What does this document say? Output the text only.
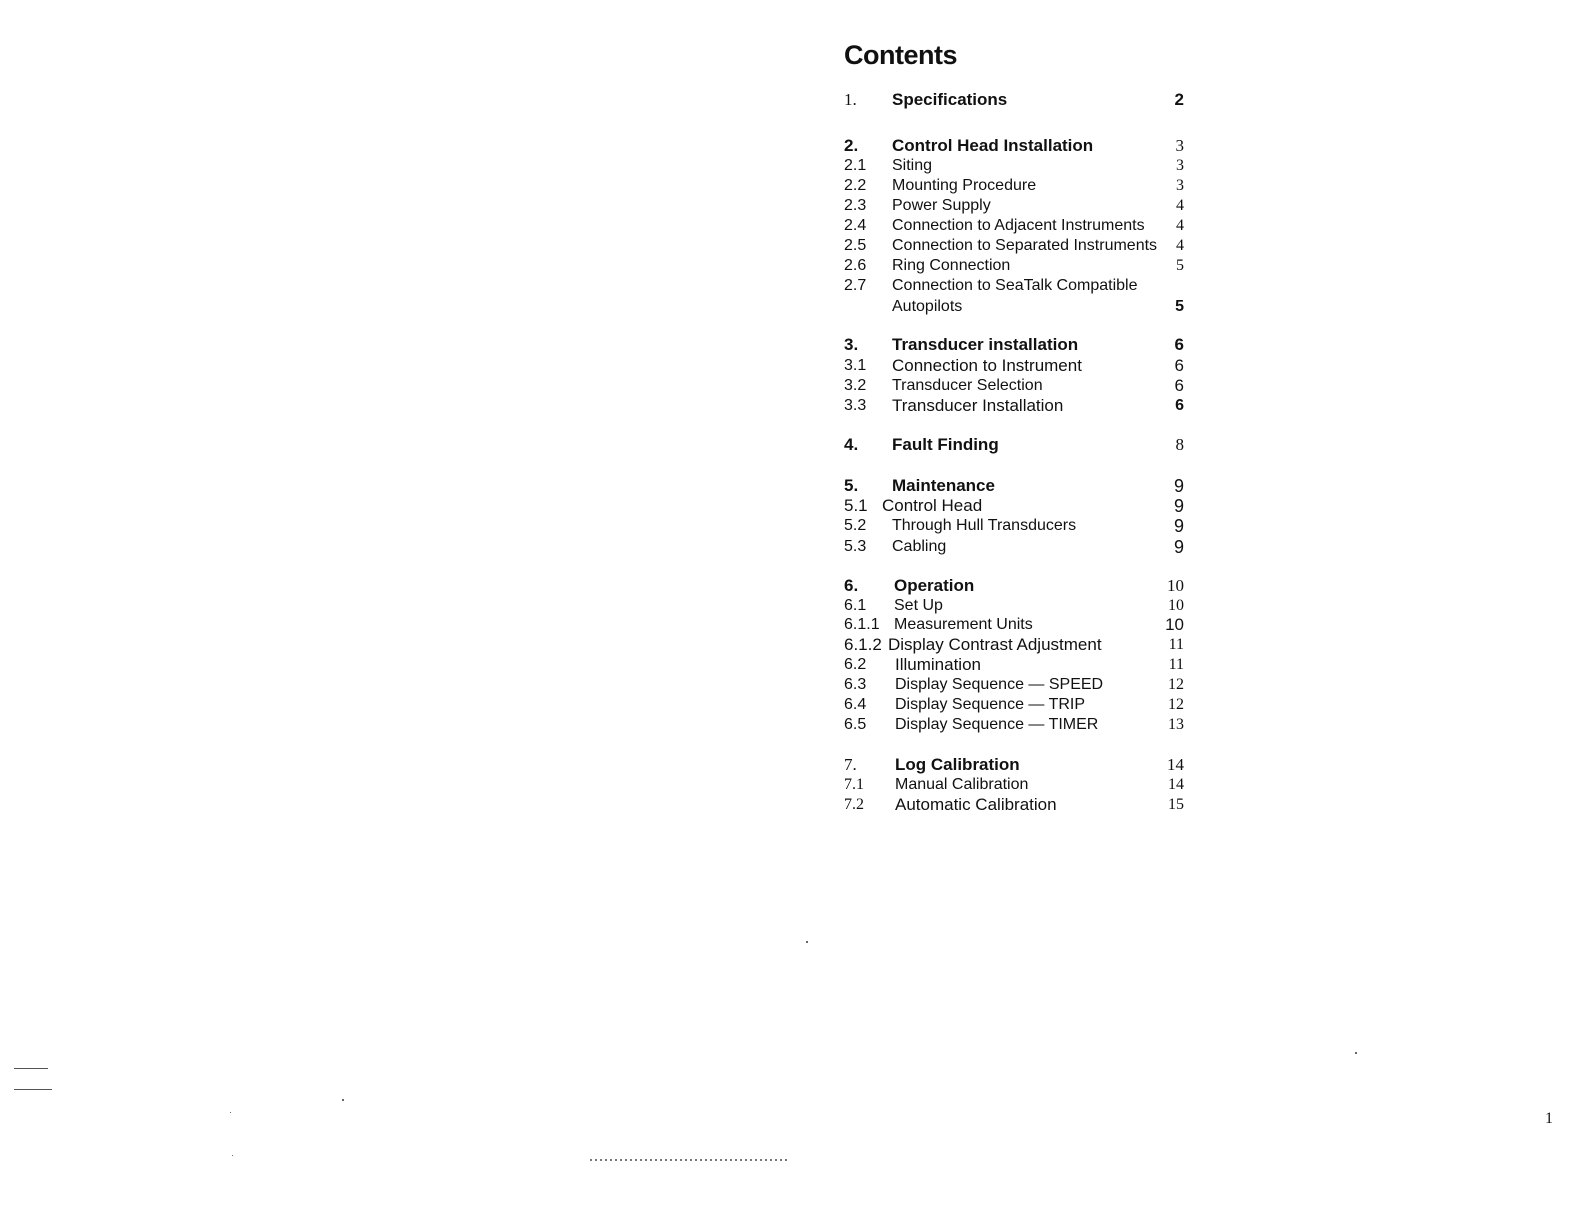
Contents
1. Specifications	2
2. Control Head Installation	3
2.1 Siting	3
2.2 Mounting Procedure	3
2.3 Power Supply	4
2.4 Connection to Adjacent Instruments 4
2.5 Connection to Separated Instruments 4
2.6 Ring Connection	5
2.7 Connection to SeaTalk Compatible
Autopilots	5
3. Transducer installation	6
3.1 Connection to Instrument	6
3.2 Transducer Selection	6
3.3 Transducer Installation	6
4. Fault Finding	8
5. Maintenance	9
5.1 Control Head	9
5.2 Through Hull Transducers	9
5.3 Cabling	9
6. Operation	10
6.1 Set Up	10
6.1.1 Measurement Units	10
6.1.2 Display Contrast Adjustment	11
6.2 Illumination	11
6.3 Display Sequence — SPEED	12
6.4 Display Sequence — TRIP	12
6.5 Display Sequence — TIMER	13
7. Log Calibration	14
7.1 Manual Calibration	14
7.2 Automatic Calibration	15
1
